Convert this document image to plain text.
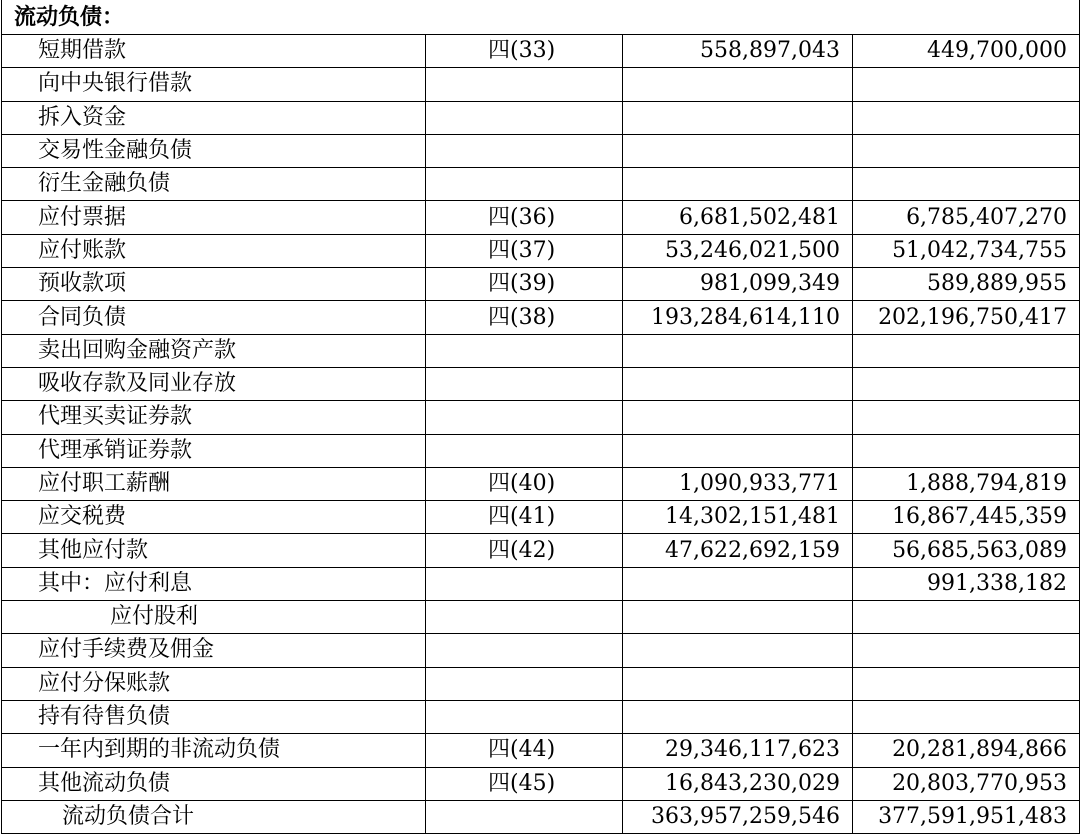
流动负债：			
短期借款	四(33)	558,897,043	449,700,000
向中央银行借款			
拆入资金			
交易性金融负债			
衍生金融负债			
应付票据	四(36)	6,681,502,481	6,785,407,270
应付账款	四(37)	53,246,021,500	51,042,734,755
预收款项	四(39)	981,099,349	589,889,955
合同负债	四(38)	193,284,614,110	202,196,750,417
卖出回购金融资产款			
吸收存款及同业存放			
代理买卖证券款			
代理承销证券款			
应付职工薪酬	四(40)	1,090,933,771	1,888,794,819
应交税费	四(41)	14,302,151,481	16,867,445,359
其他应付款	四(42)	47,622,692,159	56,685,563,089
其中：应付利息			991,338,182
应付股利			
应付手续费及佣金			
应付分保账款			
持有待售负债			
一年内到期的非流动负债	四(44)	29,346,117,623	20,281,894,866
其他流动负债	四(45)	16,843,230,029	20,803,770,953
流动负债合计		363,957,259,546	377,591,951,483
